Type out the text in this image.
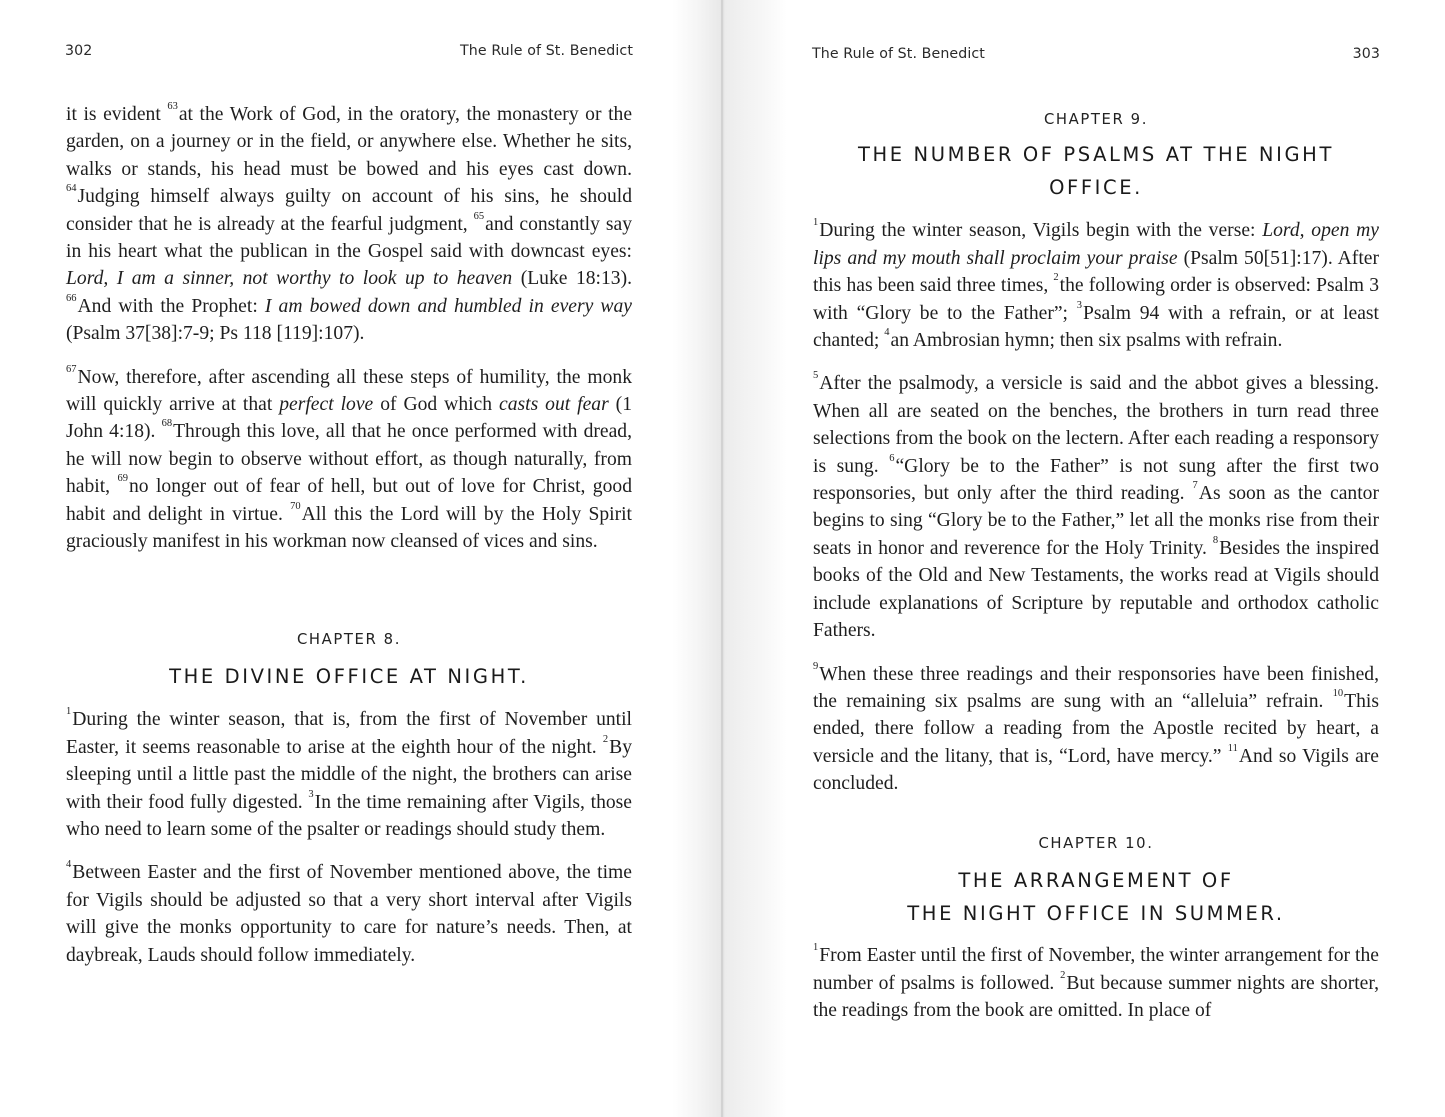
302	The Rule of St. Benedict

it is evident $^{63}$at the Work of God, in the oratory, the monastery or the garden, on a journey or in the field, or anywhere else. Whether he sits, walks or stands, his head must be bowed and his eyes cast down. $^{64}$Judging himself always guilty on account of his sins, he should consider that he is already at the fearful judgment, $^{65}$and constantly say in his heart what the publican in the Gospel said with downcast eyes: Lord, I am a sinner, not worthy to look up to heaven (Luke 18:13). $^{66}$And with the Prophet: I am bowed down and humbled in every way (Psalm 37[38]:7-9; Ps 118 [119]:107).

$^{67}$Now, therefore, after ascending all these steps of humility, the monk will quickly arrive at that perfect love of God which casts out fear (1 John 4:18). $^{68}$Through this love, all that he once performed with dread, he will now begin to observe without effort, as though naturally, from habit, $^{69}$no longer out of fear of hell, but out of love for Christ, good habit and delight in virtue. $^{70}$All this the Lord will by the Holy Spirit graciously manifest in his workman now cleansed of vices and sins.

CHAPTER 8.
THE DIVINE OFFICE AT NIGHT.

$^1$During the winter season, that is, from the first of November until Easter, it seems reasonable to arise at the eighth hour of the night. $^2$By sleeping until a little past the middle of the night, the brothers can arise with their food fully digested. $^3$In the time remaining after Vigils, those who need to learn some of the psalter or readings should study them.

$^4$Between Easter and the first of November mentioned above, the time for Vigils should be adjusted so that a very short interval after Vigils will give the monks opportunity to care for nature’s needs. Then, at daybreak, Lauds should follow immediately.

The Rule of St. Benedict	303
CHAPTER 9.
THE NUMBER OF PSALMS AT THE NIGHT OFFICE.

$^1$During the winter season, Vigils begin with the verse: Lord, open my lips and my mouth shall proclaim your praise (Psalm 50[51]:17). After this has been said three times, $^2$the following order is observed: Psalm 3 with “Glory be to the Father”; $^3$Psalm 94 with a refrain, or at least chanted; $^4$an Ambrosian hymn; then six psalms with refrain.

$^5$After the psalmody, a versicle is said and the abbot gives a blessing. When all are seated on the benches, the brothers in turn read three selections from the book on the lectern. After each reading a responsory is sung. $^6$“Glory be to the Father” is not sung after the first two responsories, but only after the third reading. $^7$As soon as the cantor begins to sing “Glory be to the Father,” let all the monks rise from their seats in honor and reverence for the Holy Trinity. $^8$Besides the inspired books of the Old and New Testaments, the works read at Vigils should include explanations of Scripture by reputable and orthodox catholic Fathers.

$^9$When these three readings and their responsories have been finished, the remaining six psalms are sung with an “alleluia” refrain. $^{10}$This ended, there follow a reading from the Apostle recited by heart, a versicle and the litany, that is, “Lord, have mercy.” $^{11}$And so Vigils are concluded.

CHAPTER 10.
THE ARRANGEMENT OF
THE NIGHT OFFICE IN SUMMER.

$^1$From Easter until the first of November, the winter arrangement for the number of psalms is followed. $^2$But because summer nights are shorter, the readings from the book are omitted. In place of
